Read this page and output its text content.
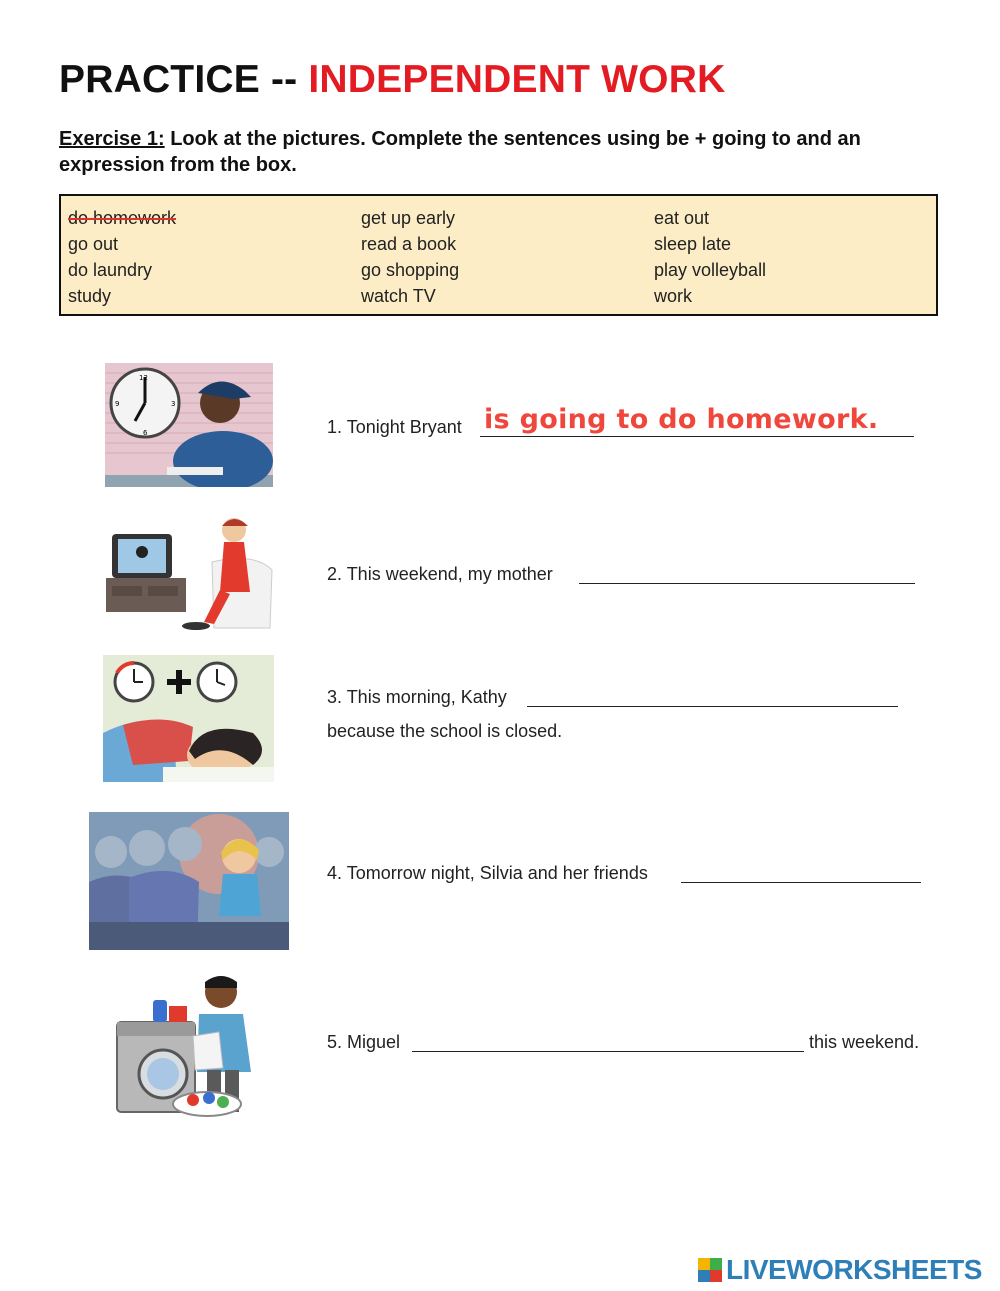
PRACTICE -- INDEPENDENT WORK

Exercise 1: Look at the pictures. Complete the sentences using be + going to and an expression from the box.

do homework
go out
do laundry
study
get up early
read a book
go shopping
watch TV
eat out
sleep late
play volleyball
work
12
3
6
9
1. Tonight Bryant is going to do homework.
2. This weekend, my mother
3. This morning, Kathy
because the school is closed.
4. Tomorrow night, Silvia and her friends
5. Miguel	this weekend.
LIVEWORKSHEETS
